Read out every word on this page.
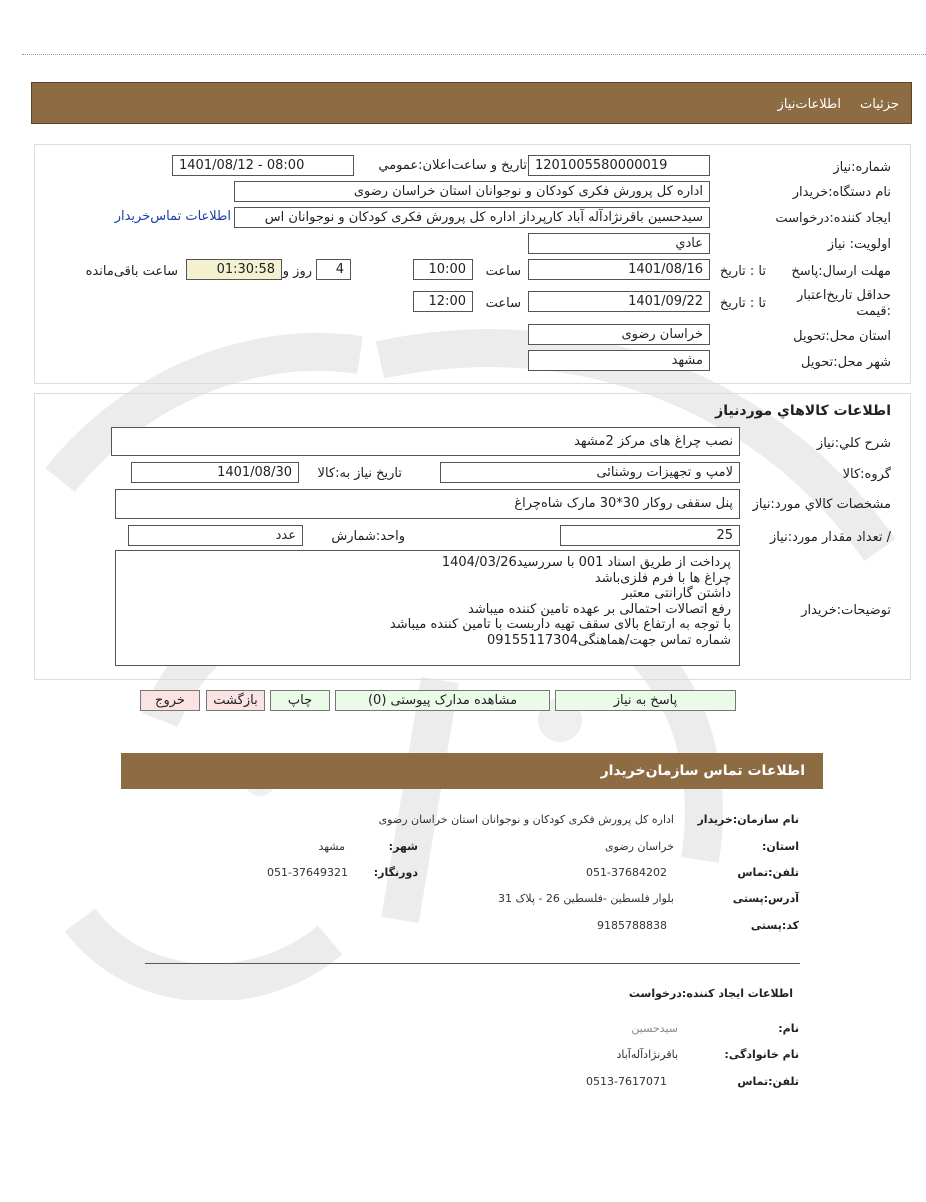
جزئیات
اطلاعات‌نیاز
شماره:نیاز
1201005580000019
تاریخ و ساعت‌اعلان:عمومي
1401/08/12 - 08:00
نام دستگاه:خریدار
اداره کل پرورش فکری کودکان و نوجوانان استان خراسان رضوی
ایجاد کننده:درخواست
سیدحسین باقرنژادآله آباد کارپرداز اداره کل پرورش فکری کودکان و نوجوانان اس
اطلاعات تماس‌خریدار
اولویت: نیاز
عادي
مهلت ارسال:پاسخ
تا : تاریخ
1401/08/16
ساعت
10:00
4
روز و
01:30:58
ساعت باقی‌مانده
حداقل تاریخ‌اعتبار
:قیمت
تا : تاریخ
1401/09/22
ساعت
12:00
استان محل:تحویل
خراسان رضوی
شهر محل:تحویل
مشهد
اطلاعات کالاهاي موردنیاز
شرح کلي:نیاز
نصب چراغ های مرکز 2مشهد
گروه:کالا
لامپ و تجهیزات روشنائی
تاریخ نیاز به:کالا
1401/08/30
مشخصات کالاي مورد:نیاز
پنل سقفی روکار 30*30 مارک شاه‌چراغ
/ تعداد مقدار مورد:نیاز
25
واحد:شمارش
عدد
توضیحات:خریدار
پرداخت از طریق اسناد 001 با سررسید1404/03/26
چراغ ها با فرم فلزی‌باشد
داشتن گارانتی معتبر
رفع اتصالات احتمالی بر عهده تامین کننده میباشد
با توجه به ارتفاع بالای سقف تهیه داربست با تامین کننده میباشد
شماره تماس جهت/هماهنگی09155117304
پاسخ به نیاز
مشاهده مدارک پیوستی (0)
چاپ
بازگشت
خروج
اطلاعات تماس سازمان‌خریدار
نام سازمان:خریدار
اداره کل پرورش فکری کودکان و نوجوانان استان خراسان رضوی
استان:
خراسان رضوی
شهر:
مشهد
تلفن:تماس
051-37684202
دورنگار:
051-37649321
آدرس:پستی
بلوار فلسطین -فلسطین 26 - پلاک 31
کد:پستی
9185788838
اطلاعات ایجاد کننده:درخواست
نام:
سیدحسین
نام خانوادگی:
باقرنژادآله‌آباد
تلفن:تماس
0513-7617071
